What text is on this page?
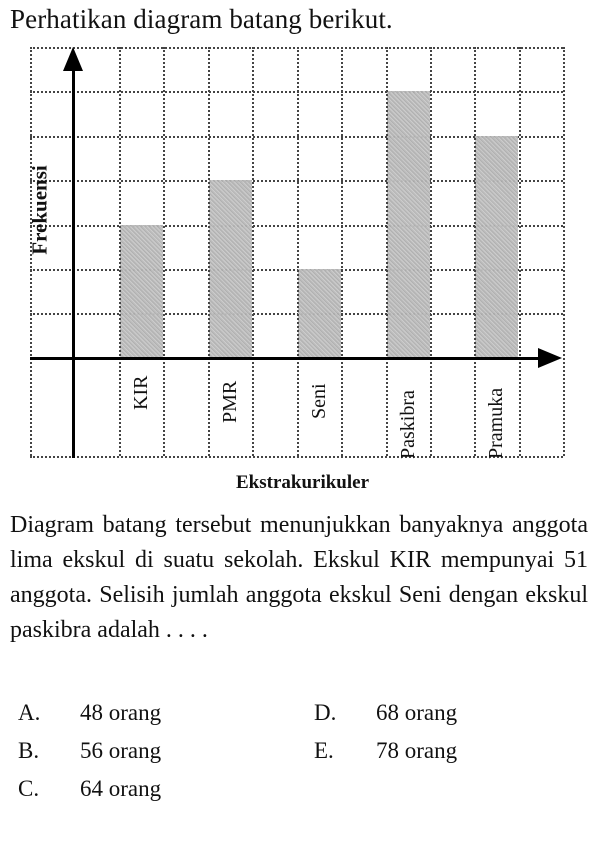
Perhatikan diagram batang berikut.
Frekuensi
KIR	PMR	Seni	Paskibra	Pramuka
Ekstrakurikuler
Diagram batang tersebut menunjukkan banyaknya anggota lima ekskul di suatu sekolah. Ekskul KIR mempunyai 51 anggota. Selisih jumlah anggota ekskul Seni dengan ekskul paskibra adalah . . . .
A. 48 orang
B. 56 orang
C. 64 orang
D. 68 orang
E. 78 orang
